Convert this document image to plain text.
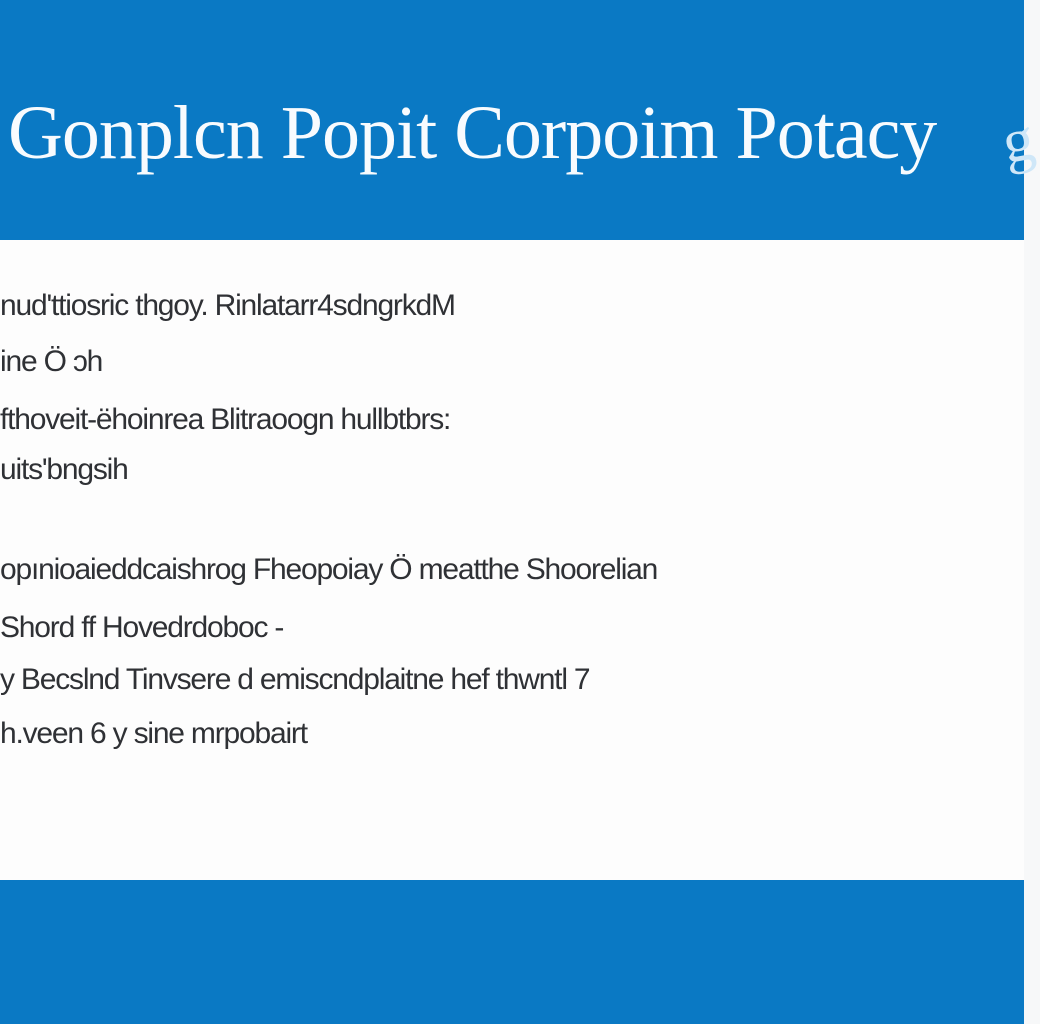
Gonplcn Popit Corpoim Potacy g
nud'ttiosric thgoy. Rinlatarr4sdngrkdM
ine Ö ɔh
fthoveit-ëhoinrea Blitraoogn hullbtbrs:
uits'bngsih
opınioaieddcaishrog Fheopoiay Ö meatthe Shoorelian
Shord ff Hovedrdoboc -
y Becslnd Tinvsere d emiscndplaitne hef thwntl 7
h.veen 6 y sine mrpobairt
